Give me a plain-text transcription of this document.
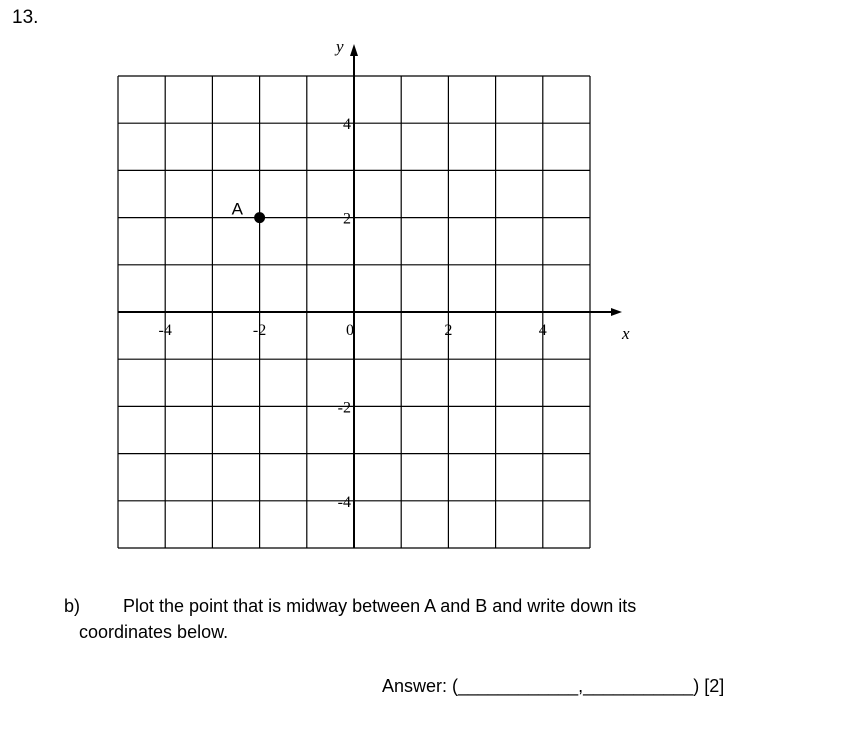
13.
x
y
-4	-2	0	2	4
4
2
-2
-4
A
b) Plot the point that is midway between A and B and write down its
coordinates below.
Answer: (____________,___________) [2]
